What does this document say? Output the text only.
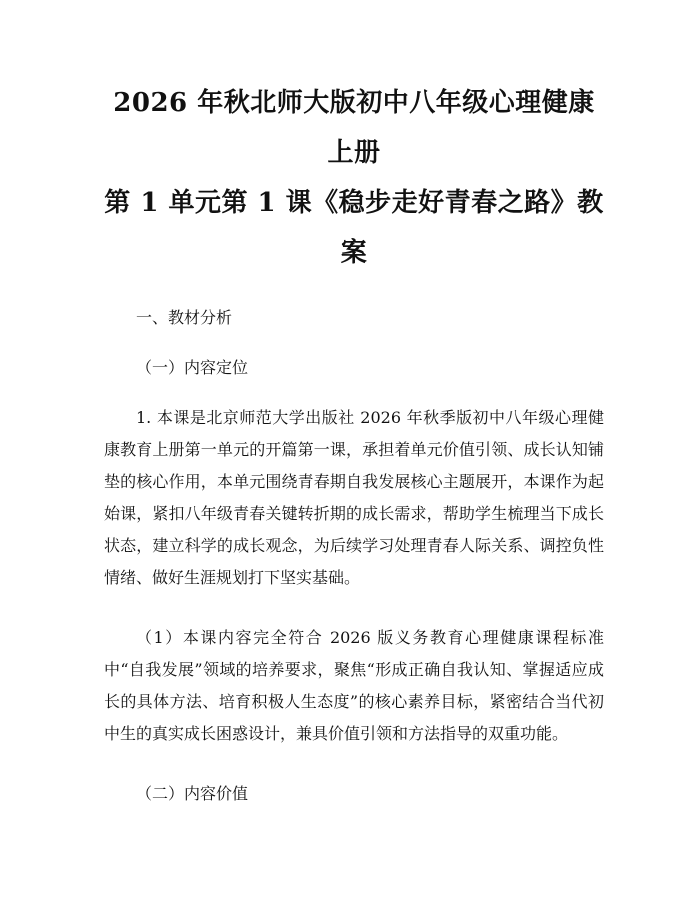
2026 年秋北师大版初中八年级心理健康上册
第 1 单元第 1 课《稳步走好青春之路》教案

一、教材分析

（一）内容定位

1. 本课是北京师范大学出版社 2026 年秋季版初中八年级心理健康教育上册第一单元的开篇第一课，承担着单元价值引领、成长认知铺垫的核心作用，本单元围绕青春期自我发展核心主题展开，本课作为起始课，紧扣八年级青春关键转折期的成长需求，帮助学生梳理当下成长状态，建立科学的成长观念，为后续学习处理青春人际关系、调控负性情绪、做好生涯规划打下坚实基础。

（1）本课内容完全符合 2026 版义务教育心理健康课程标准中“自我发展”领域的培养要求，聚焦“形成正确自我认知、掌握适应成长的具体方法、培育积极人生态度”的核心素养目标，紧密结合当代初中生的真实成长困惑设计，兼具价值引领和方法指导的双重功能。

（二）内容价值
